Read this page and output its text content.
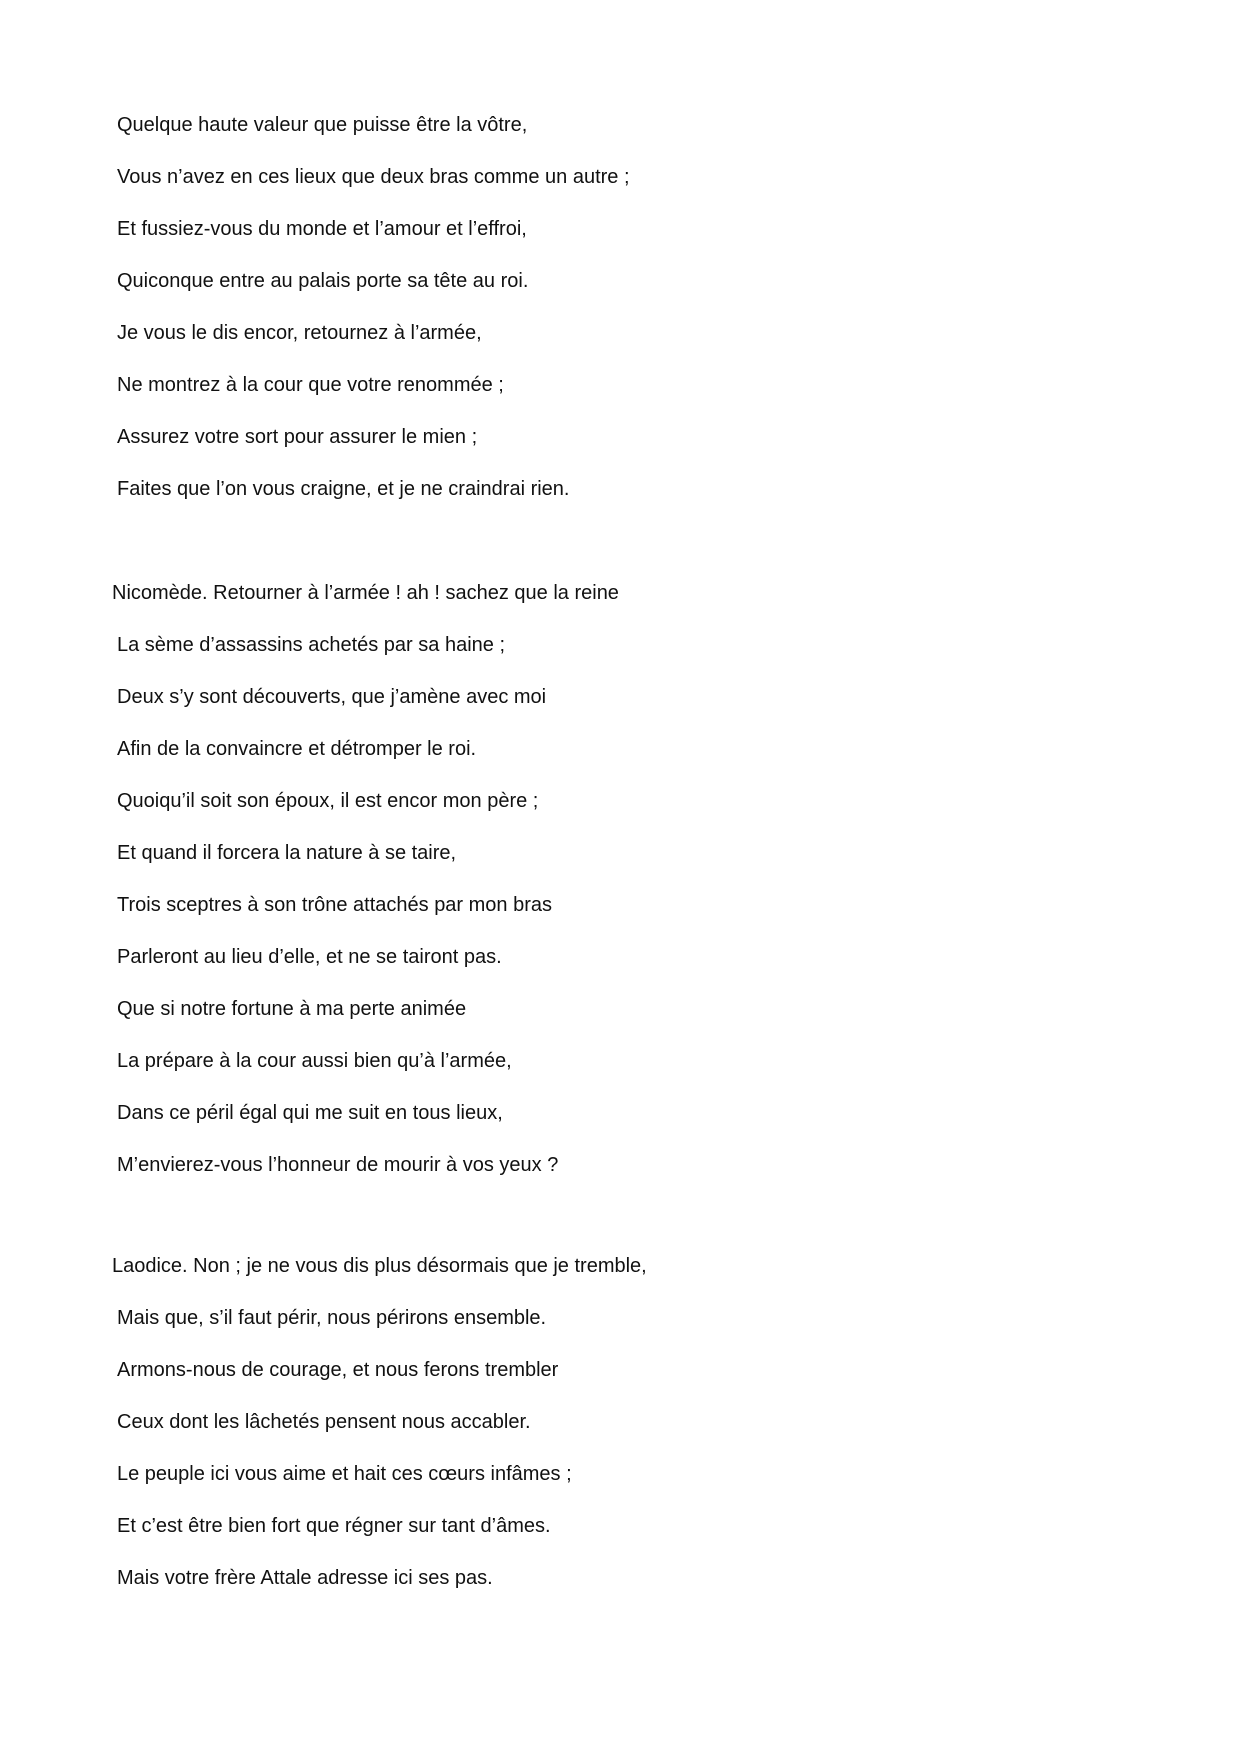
Quelque haute valeur que puisse être la vôtre,
Vous n’avez en ces lieux que deux bras comme un autre ;
Et fussiez-vous du monde et l’amour et l’effroi,
Quiconque entre au palais porte sa tête au roi.
Je vous le dis encor, retournez à l’armée,
Ne montrez à la cour que votre renommée ;
Assurez votre sort pour assurer le mien ;
Faites que l’on vous craigne, et je ne craindrai rien.
Nicomède. Retourner à l’armée ! ah ! sachez que la reine
La sème d’assassins achetés par sa haine ;
Deux s’y sont découverts, que j’amène avec moi
Afin de la convaincre et détromper le roi.
Quoiqu’il soit son époux, il est encor mon père ;
Et quand il forcera la nature à se taire,
Trois sceptres à son trône attachés par mon bras
Parleront au lieu d’elle, et ne se tairont pas.
Que si notre fortune à ma perte animée
La prépare à la cour aussi bien qu’à l’armée,
Dans ce péril égal qui me suit en tous lieux,
M’envierez-vous l’honneur de mourir à vos yeux ?
Laodice. Non ; je ne vous dis plus désormais que je tremble,
Mais que, s’il faut périr, nous périrons ensemble.
Armons-nous de courage, et nous ferons trembler
Ceux dont les lâchetés pensent nous accabler.
Le peuple ici vous aime et hait ces cœurs infâmes ;
Et c’est être bien fort que régner sur tant d’âmes.
Mais votre frère Attale adresse ici ses pas.
